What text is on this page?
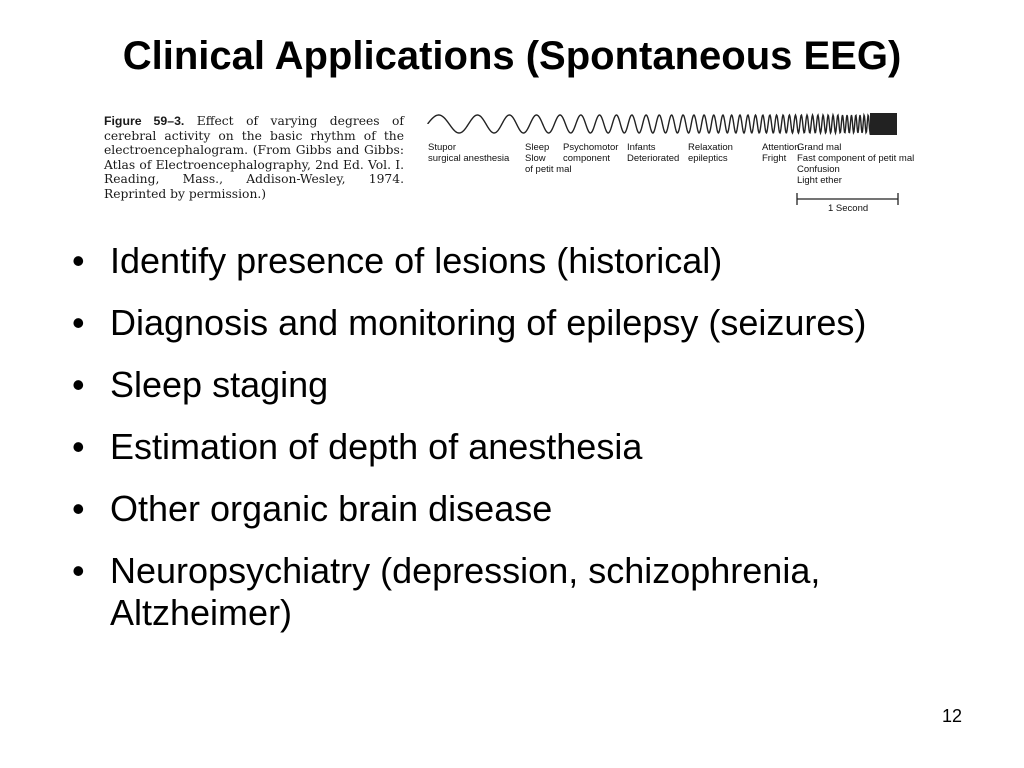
Clinical Applications (Spontaneous EEG)
Figure 59–3. Effect of varying degrees of cerebral activity on the basic rhythm of the electroencephalogram. (From Gibbs and Gibbs: Atlas of Electroencephalography, 2nd Ed. Vol. I. Reading, Mass., Addison-Wesley, 1974. Reprinted by permission.)
Stupor
surgical anesthesia
Sleep
Slow
of petit mal
Psychomotor
component
Infants
Deteriorated
Relaxation
epileptics
Attention
Fright
Grand mal
Fast component of petit mal
Confusion
Light ether
1 Second
• Identify presence of lesions (historical)
• Diagnosis and monitoring of epilepsy (seizures)
• Sleep staging
• Estimation of depth of anesthesia
• Other organic brain disease
• Neuropsychiatry (depression, schizophrenia, Altzheimer)
12
